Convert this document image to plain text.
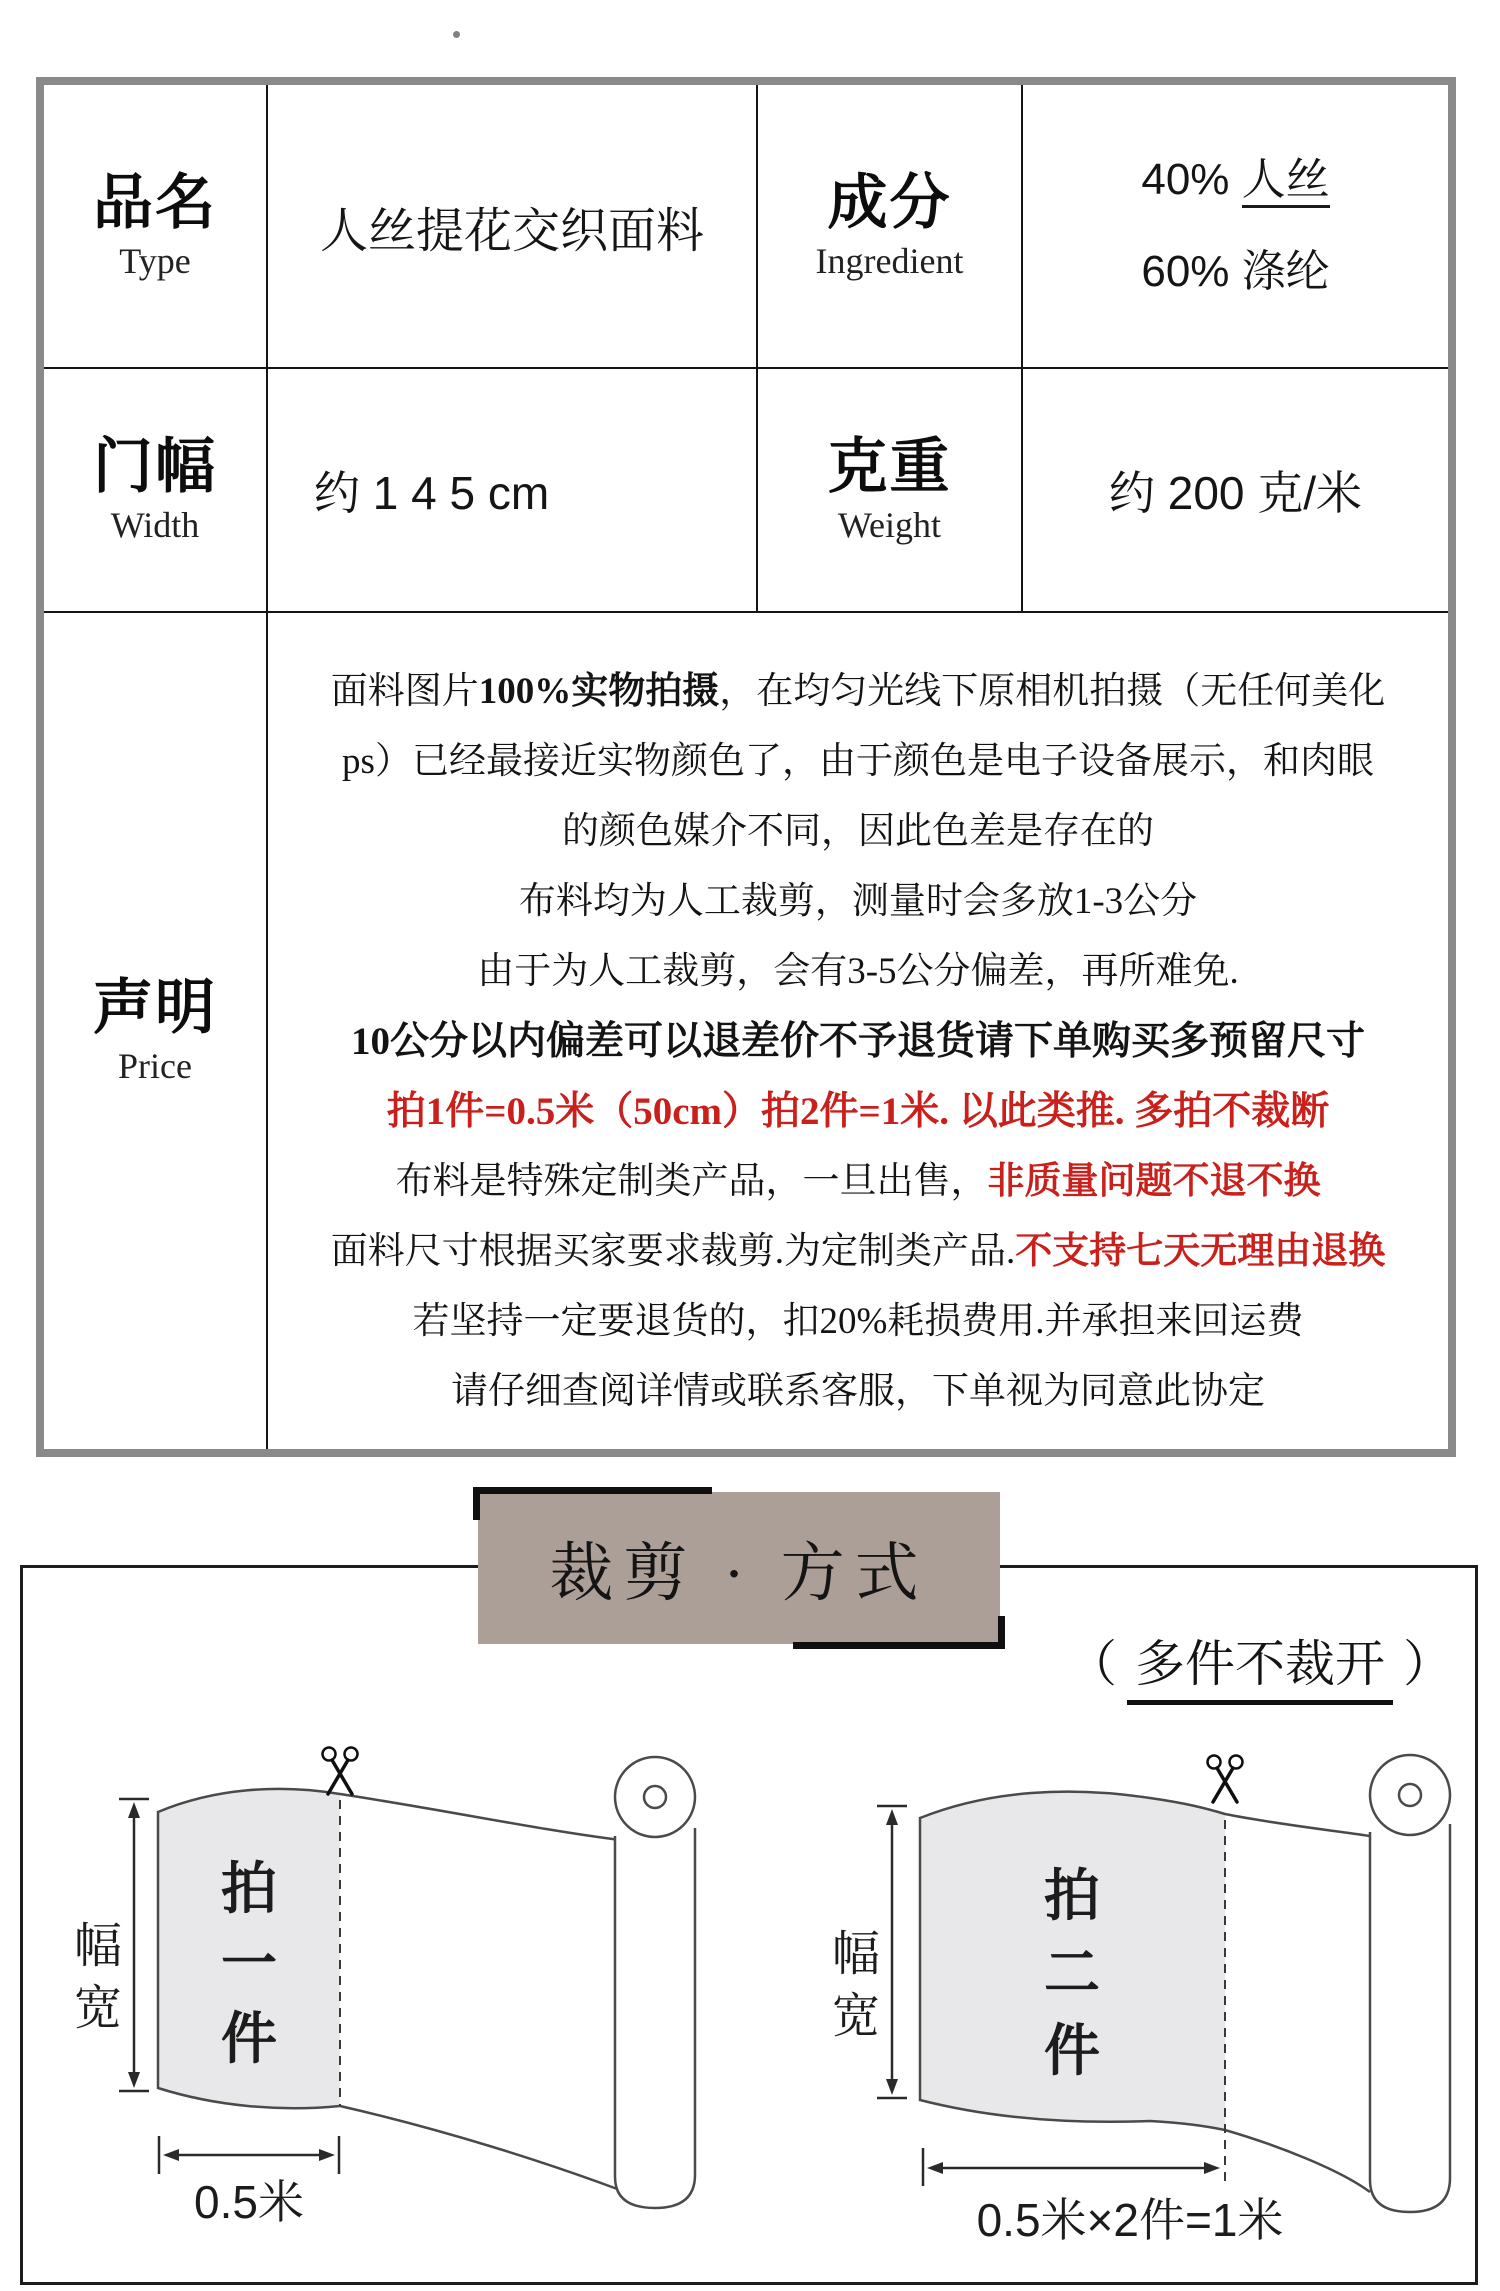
品名
Type
人丝提花交织面料 成分
Ingredient
40% 人丝
60% 涤纶
门幅
Width
约 1 4 5 cm	克重
Weight
约 200 克/米
声明
Price
面料图片100%实物拍摄，在均匀光线下原相机拍摄（无任何美化
ps）已经最接近实物颜色了，由于颜色是电子设备展示，和肉眼
的颜色媒介不同，因此色差是存在的
布料均为人工裁剪，测量时会多放1-3公分
由于为人工裁剪，会有3-5公分偏差，再所难免.
10公分以内偏差可以退差价不予退货请下单购买多预留尺寸
拍1件=0.5米（50cm）拍2件=1米. 以此类推. 多拍不裁断
布料是特殊定制类产品，一旦出售，非质量问题不退不换
面料尺寸根据买家要求裁剪.为定制类产品.不支持七天无理由退换
若坚持一定要退货的，扣20%耗损费用.并承担来回运费
请仔细查阅详情或联系客服，下单视为同意此协定
裁剪 · 方式
（ 多件不裁开 ）
幅
宽
拍
一
件
0.5米
幅
宽
拍
二
件
0.5米×2件=1米
